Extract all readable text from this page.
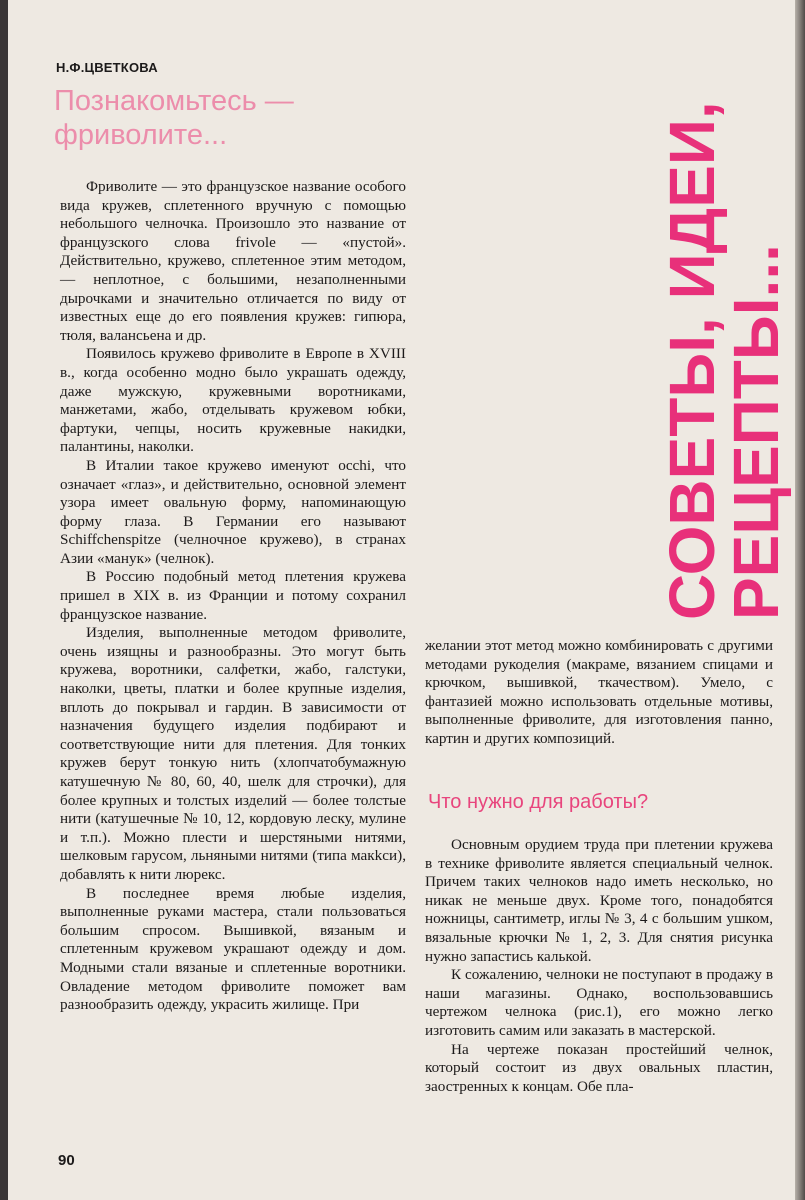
Н.Ф.ЦВЕТКОВА
Познакомьтесь —
фриволите...

Фриволите — это французское название особого вида кружев, сплетенного вручную с помощью небольшого челночка. Произошло это название от французского слова frivole — «пустой». Действительно, кружево, сплетенное этим методом, — неплотное, с большими, незаполненными дырочками и значительно отличается по виду от известных еще до его появления кружев: гипюра, тюля, валансьена и др.

Появилось кружево фриволите в Европе в XVIII в., когда особенно модно было украшать одежду, даже мужскую, кружевными воротниками, манжетами, жабо, отделывать кружевом юбки, фартуки, чепцы, носить кружевные накидки, палантины, наколки.

В Италии такое кружево именуют occhi, что означает «глаз», и действительно, основной элемент узора имеет овальную форму, напоминающую форму глаза. В Германии его называют Schiffchenspitze (челночное кружево), в странах Азии «манук» (челнок).

В Россию подобный метод плетения кружева пришел в XIX в. из Франции и потому сохранил французское название.

Изделия, выполненные методом фриволите, очень изящны и разнообразны. Это могут быть кружева, воротники, салфетки, жабо, галстуки, наколки, цветы, платки и более крупные изделия, вплоть до покрывал и гардин. В зависимости от назначения будущего изделия подбирают и соответствующие нити для плетения. Для тонких кружев берут тонкую нить (хлопчатобумажную катушечную № 80, 60, 40, шелк для строчки), для более крупных и толстых изделий — более толстые нити (катушечные № 10, 12, кордовую леску, мулине и т.п.). Можно плести и шерстяными нитями, шелковым гарусом, льняными нитями (типа макkси), добавлять к нити люрекс.

В последнее время любые изделия, выполненные руками мастера, стали пользоваться большим спросом. Вышивкой, вязаным и сплетенным кружевом украшают одежду и дом. Модными стали вязаные и сплетенные воротники. Овладение методом фриволите поможет вам разнообразить одежду, украсить жилище. При

СОВЕТЫ, ИДЕИ,
РЕЦЕПТЫ...

желании этот метод можно комбинировать с другими методами рукоделия (макраме, вязанием спицами и крючком, вышивкой, ткачеством). Умело, с фантазией можно использовать отдельные мотивы, выполненные фриволите, для изготовления панно, картин и других композиций.

Что нужно для работы?

Основным орудием труда при плетении кружева в технике фриволите является специальный челнок. Причем таких челноков надо иметь несколько, но никак не меньше двух. Кроме того, понадобятся ножницы, сантиметр, иглы № 3, 4 с большим ушком, вязальные крючки № 1, 2, 3. Для снятия рисунка нужно запастись калькой.

К сожалению, челноки не поступают в продажу в наши магазины. Однако, воспользовавшись чертежом челнока (рис.1), его можно легко изготовить самим или заказать в мастерской.

На чертеже показан простейший челнок, который состоит из двух овальных пластин, заостренных к концам. Обе пла-

90
